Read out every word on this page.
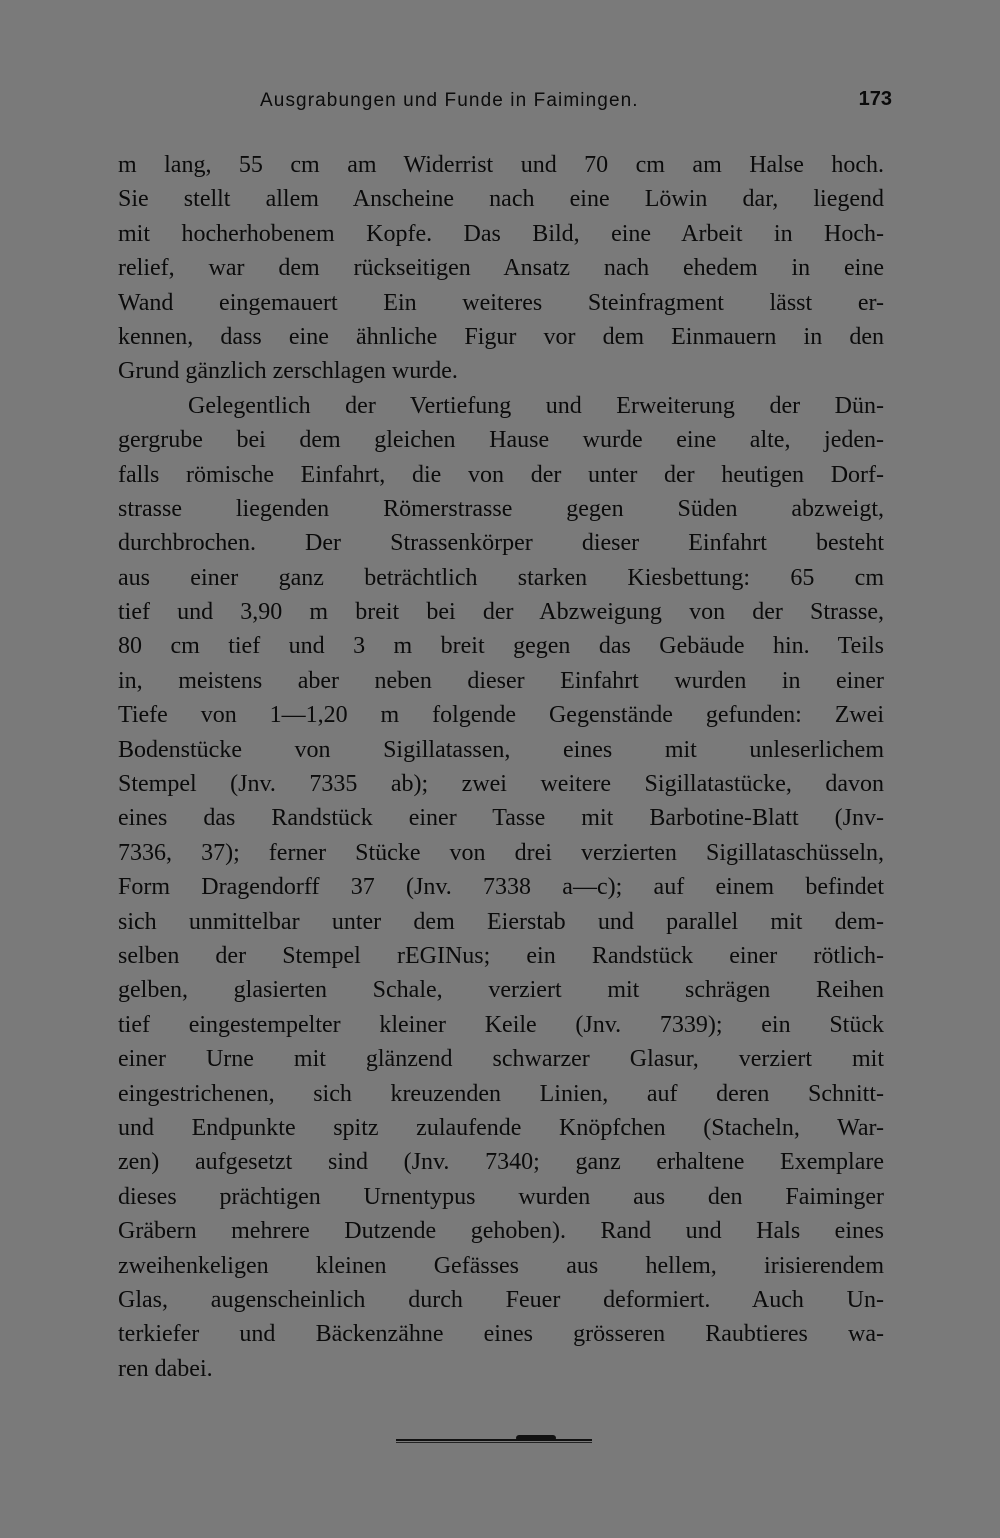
Ausgrabungen und Funde in Faimingen.	173
m lang, 55 cm am Widerrist und 70 cm am Halse hoch.
Sie stellt allem Anscheine nach eine Löwin dar, liegend
mit hocherhobenem Kopfe. Das Bild, eine Arbeit in Hoch-
relief, war dem rückseitigen Ansatz nach ehedem in eine
Wand eingemauert Ein weiteres Steinfragment lässt er-
kennen, dass eine ähnliche Figur vor dem Einmauern in den
Grund gänzlich zerschlagen wurde.
Gelegentlich der Vertiefung und Erweiterung der Dün-
gergrube bei dem gleichen Hause wurde eine alte, jeden-
falls römische Einfahrt, die von der unter der heutigen Dorf-
strasse liegenden Römerstrasse gegen Süden abzweigt,
durchbrochen. Der Strassenkörper dieser Einfahrt besteht
aus einer ganz beträchtlich starken Kiesbettung: 65 cm
tief und 3,90 m breit bei der Abzweigung von der Strasse,
80 cm tief und 3 m breit gegen das Gebäude hin. Teils
in, meistens aber neben dieser Einfahrt wurden in einer
Tiefe von 1—1,20 m folgende Gegenstände gefunden: Zwei
Bodenstücke von Sigillatassen, eines mit unleserlichem
Stempel (Jnv. 7335 ab); zwei weitere Sigillatastücke, davon
eines das Randstück einer Tasse mit Barbotine-Blatt (Jnv-
7336, 37); ferner Stücke von drei verzierten Sigillataschüsseln,
Form Dragendorff 37 (Jnv. 7338 a—c); auf einem befindet
sich unmittelbar unter dem Eierstab und parallel mit dem-
selben der Stempel rEGINus; ein Randstück einer rötlich-
gelben, glasierten Schale, verziert mit schrägen Reihen
tief eingestempelter kleiner Keile (Jnv. 7339); ein Stück
einer Urne mit glänzend schwarzer Glasur, verziert mit
eingestrichenen, sich kreuzenden Linien, auf deren Schnitt-
und Endpunkte spitz zulaufende Knöpfchen (Stacheln, War-
zen) aufgesetzt sind (Jnv. 7340; ganz erhaltene Exemplare
dieses prächtigen Urnentypus wurden aus den Faiminger
Gräbern mehrere Dutzende gehoben). Rand und Hals eines
zweihenkeligen kleinen Gefässes aus hellem, irisierendem
Glas, augenscheinlich durch Feuer deformiert. Auch Un-
terkiefer und Bäckenzähne eines grösseren Raubtieres wa-
ren dabei.
